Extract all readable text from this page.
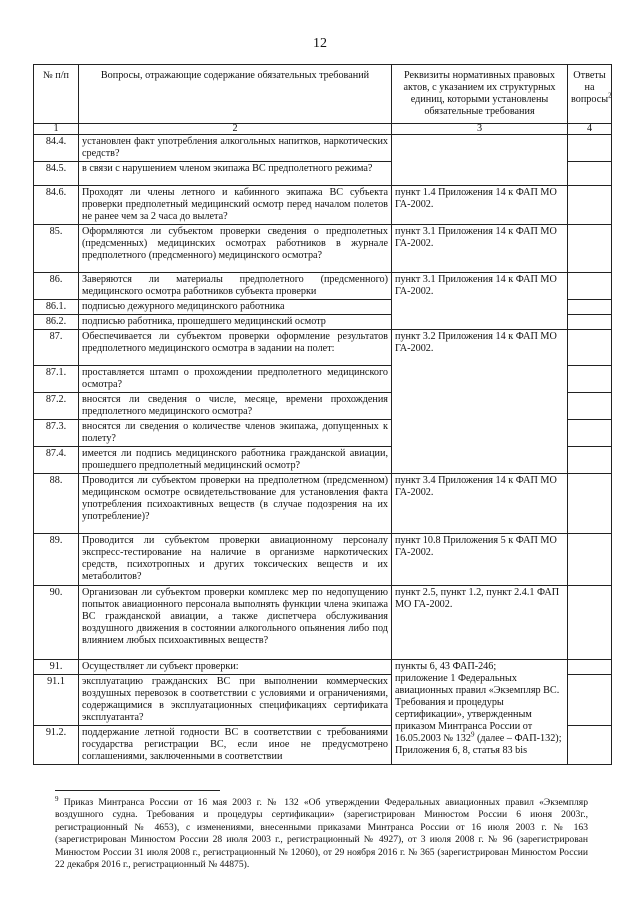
12
№ п/п	Вопросы, отражающие содержание обязательных требований	Реквизиты нормативных правовых актов, с указанием их структурных единиц, которыми установлены обязательные требования	Ответы на вопросы$^2$
1	2	3	4
84.4.	установлен факт употребления алкогольных напитков, наркотических средств?		
84.5.	в связи с нарушением членом экипажа ВС предполетного режима?		
84.6.	Проходят ли члены летного и кабинного экипажа ВС субъекта проверки предполетный медицинский осмотр перед началом полетов не ранее чем за 2 часа до вылета?	пункт 1.4 Приложения 14 к ФАП МО ГА-2002.	
85.	Оформляются ли субъектом проверки сведения о предполетных (предсменных) медицинских осмотрах работников в журнале предполетного (предсменного) медицинского осмотра?	пункт 3.1 Приложения 14 к ФАП МО ГА-2002.	
86.	Заверяются ли материалы предполетного (предсменного) медицинского осмотра работников субъекта проверки	пункт 3.1 Приложения 14 к ФАП МО ГА-2002.	
86.1.	подписью дежурного медицинского работника		
86.2.	подписью работника, прошедшего медицинский осмотр		
87.	Обеспечивается ли субъектом проверки оформление результатов предполетного медицинского осмотра в задании на полет:	пункт 3.2 Приложения 14 к ФАП МО ГА-2002.	
87.1.	проставляется штамп о прохождении предполетного медицинского осмотра?		
87.2.	вносятся ли сведения о числе, месяце, времени прохождения предполетного медицинского осмотра?		
87.3.	вносятся ли сведения о количестве членов экипажа, допущенных к полету?		
87.4.	имеется ли подпись медицинского работника гражданской авиации, прошедшего предполетный медицинский осмотр?		
88.	Проводится ли субъектом проверки на предполетном (предсменном) медицинском осмотре освидетельствование для установления факта употребления психоактивных веществ (в случае подозрения на их употребление)?	пункт 3.4 Приложения 14 к ФАП МО ГА-2002.	
89.	Проводится ли субъектом проверки авиационному персоналу экспресс-тестирование на наличие в организме наркотических средств, психотропных и других токсических веществ и их метаболитов?	пункт 10.8 Приложения 5 к ФАП МО ГА-2002.	
90.	Организован ли субъектом проверки комплекс мер по недопущению попыток авиационного персонала выполнять функции члена экипажа ВС гражданской авиации, а также диспетчера обслуживания воздушного движения в состоянии алкогольного опьянения либо под влиянием любых психоактивных веществ?	пункт 2.5, пункт 1.2, пункт 2.4.1 ФАП МО ГА-2002.	
91.	Осуществляет ли субъект проверки:	пункты 6, 43 ФАП-246;
приложение 1 Федеральных авиационных правил «Экземпляр ВС. Требования и процедуры сертификации», утвержденным приказом Минтранса России от 16.05.2003 № $132^9$ (далее – ФАП-132);
Приложения 6, 8, статья 83 bis	
91.1	эксплуатацию гражданских ВС при выполнении коммерческих воздушных перевозок в соответствии с условиями и ограничениями, содержащимися в эксплуатационных спецификациях сертификата эксплуатанта?		
91.2.	поддержание летной годности ВС в соответствии с требованиями государства регистрации ВС, если иное не предусмотрено соглашениями, заключенными в соответствии		
$^9$ Приказ Минтранса России от 16 мая 2003 г. № 132 «Об утверждении Федеральных авиационных правил «Экземпляр воздушного судна. Требования и процедуры сертификации» (зарегистрирован Минюстом России 6 июня 2003г., регистрационный № 4653), с изменениями, внесенными приказами Минтранса России от 16 июля 2003 г. № 163 (зарегистрирован Минюстом России 28 июля 2003 г., регистрационный № 4927), от 3 июля 2008 г. № 96 (зарегистрирован Минюстом России 31 июля 2008 г., регистрационный № 12060), от 29 ноября 2016 г. № 365 (зарегистрирован Минюстом России 22 декабря 2016 г., регистрационный № 44875).
